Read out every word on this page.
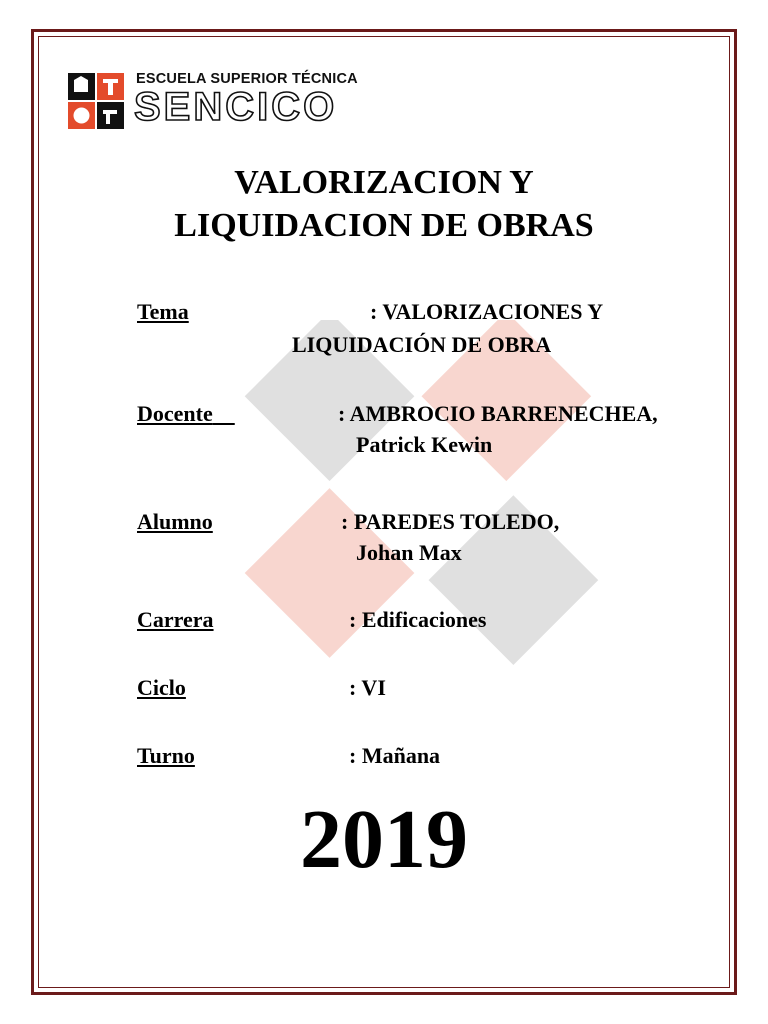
ESCUELA SUPERIOR TÉCNICA
SENCICO
VALORIZACION Y
LIQUIDACION DE OBRAS
Tema	: VALORIZACIONES Y
LIQUIDACIÓN DE OBRA
Docente	: AMBROCIO BARRENECHEA,
Patrick Kewin
Alumno	: PAREDES TOLEDO,
Johan Max
Carrera	: Edificaciones
Ciclo	: VI
Turno	: Mañana
2019
